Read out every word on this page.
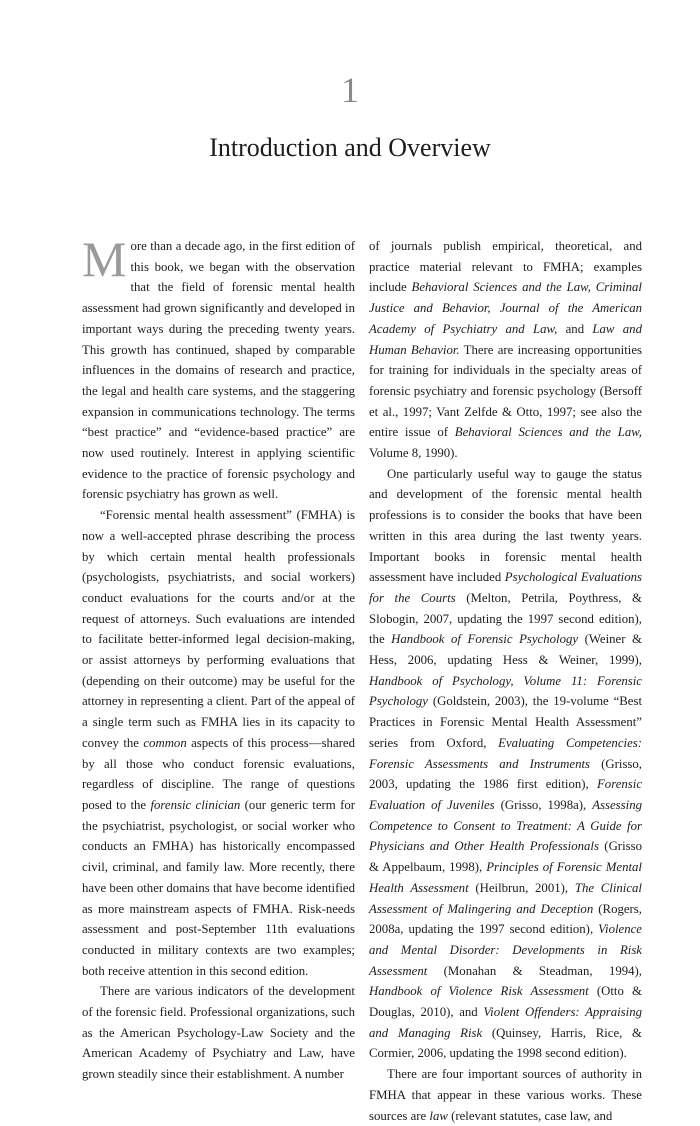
1
Introduction and Overview

More than a decade ago, in the first edition of this book, we began with the observation that the field of forensic mental health assessment had grown significantly and developed in important ways during the preceding twenty years. This growth has continued, shaped by comparable influences in the domains of research and practice, the legal and health care systems, and the staggering expansion in communications technology. The terms “best practice” and “evidence-based practice” are now used routinely. Interest in applying scientific evidence to the practice of forensic psychology and forensic psychiatry has grown as well.

“Forensic mental health assessment” (FMHA) is now a well-accepted phrase describing the process by which certain mental health professionals (psychologists, psychiatrists, and social workers) conduct evaluations for the courts and/or at the request of attorneys. Such evaluations are intended to facilitate better-informed legal decision-making, or assist attorneys by performing evaluations that (depending on their outcome) may be useful for the attorney in representing a client. Part of the appeal of a single term such as FMHA lies in its capacity to convey the common aspects of this process—shared by all those who conduct forensic evaluations, regardless of discipline. The range of questions posed to the forensic clinician (our generic term for the psychiatrist, psychologist, or social worker who conducts an FMHA) has historically encompassed civil, criminal, and family law. More recently, there have been other domains that have become identified as more mainstream aspects of FMHA. Risk-needs assessment and post-September 11th evaluations conducted in military contexts are two examples; both receive attention in this second edition.

There are various indicators of the development of the forensic field. Professional organizations, such as the American Psychology-Law Society and the American Academy of Psychiatry and Law, have grown steadily since their establishment. A number

of journals publish empirical, theoretical, and practice material relevant to FMHA; examples include Behavioral Sciences and the Law, Criminal Justice and Behavior, Journal of the American Academy of Psychiatry and Law, and Law and Human Behavior. There are increasing opportunities for training for individuals in the specialty areas of forensic psychiatry and forensic psychology (Bersoff et al., 1997; Vant Zelfde & Otto, 1997; see also the entire issue of Behavioral Sciences and the Law, Volume 8, 1990).

One particularly useful way to gauge the status and development of the forensic mental health professions is to consider the books that have been written in this area during the last twenty years. Important books in forensic mental health assessment have included Psychological Evaluations for the Courts (Melton, Petrila, Poythress, & Slobogin, 2007, updating the 1997 second edition), the Handbook of Forensic Psychology (Weiner & Hess, 2006, updating Hess & Weiner, 1999), Handbook of Psychology, Volume 11: Forensic Psychology (Goldstein, 2003), the 19-volume “Best Practices in Forensic Mental Health Assessment” series from Oxford, Evaluating Competencies: Forensic Assessments and Instruments (Grisso, 2003, updating the 1986 first edition), Forensic Evaluation of Juveniles (Grisso, 1998a), Assessing Competence to Consent to Treatment: A Guide for Physicians and Other Health Professionals (Grisso & Appelbaum, 1998), Principles of Forensic Mental Health Assessment (Heilbrun, 2001), The Clinical Assessment of Malingering and Deception (Rogers, 2008a, updating the 1997 second edition), Violence and Mental Disorder: Developments in Risk Assessment (Monahan & Steadman, 1994), Handbook of Violence Risk Assessment (Otto & Douglas, 2010), and Violent Offenders: Appraising and Managing Risk (Quinsey, Harris, Rice, & Cormier, 2006, updating the 1998 second edition).

There are four important sources of authority in FMHA that appear in these various works. These sources are law (relevant statutes, case law, and
